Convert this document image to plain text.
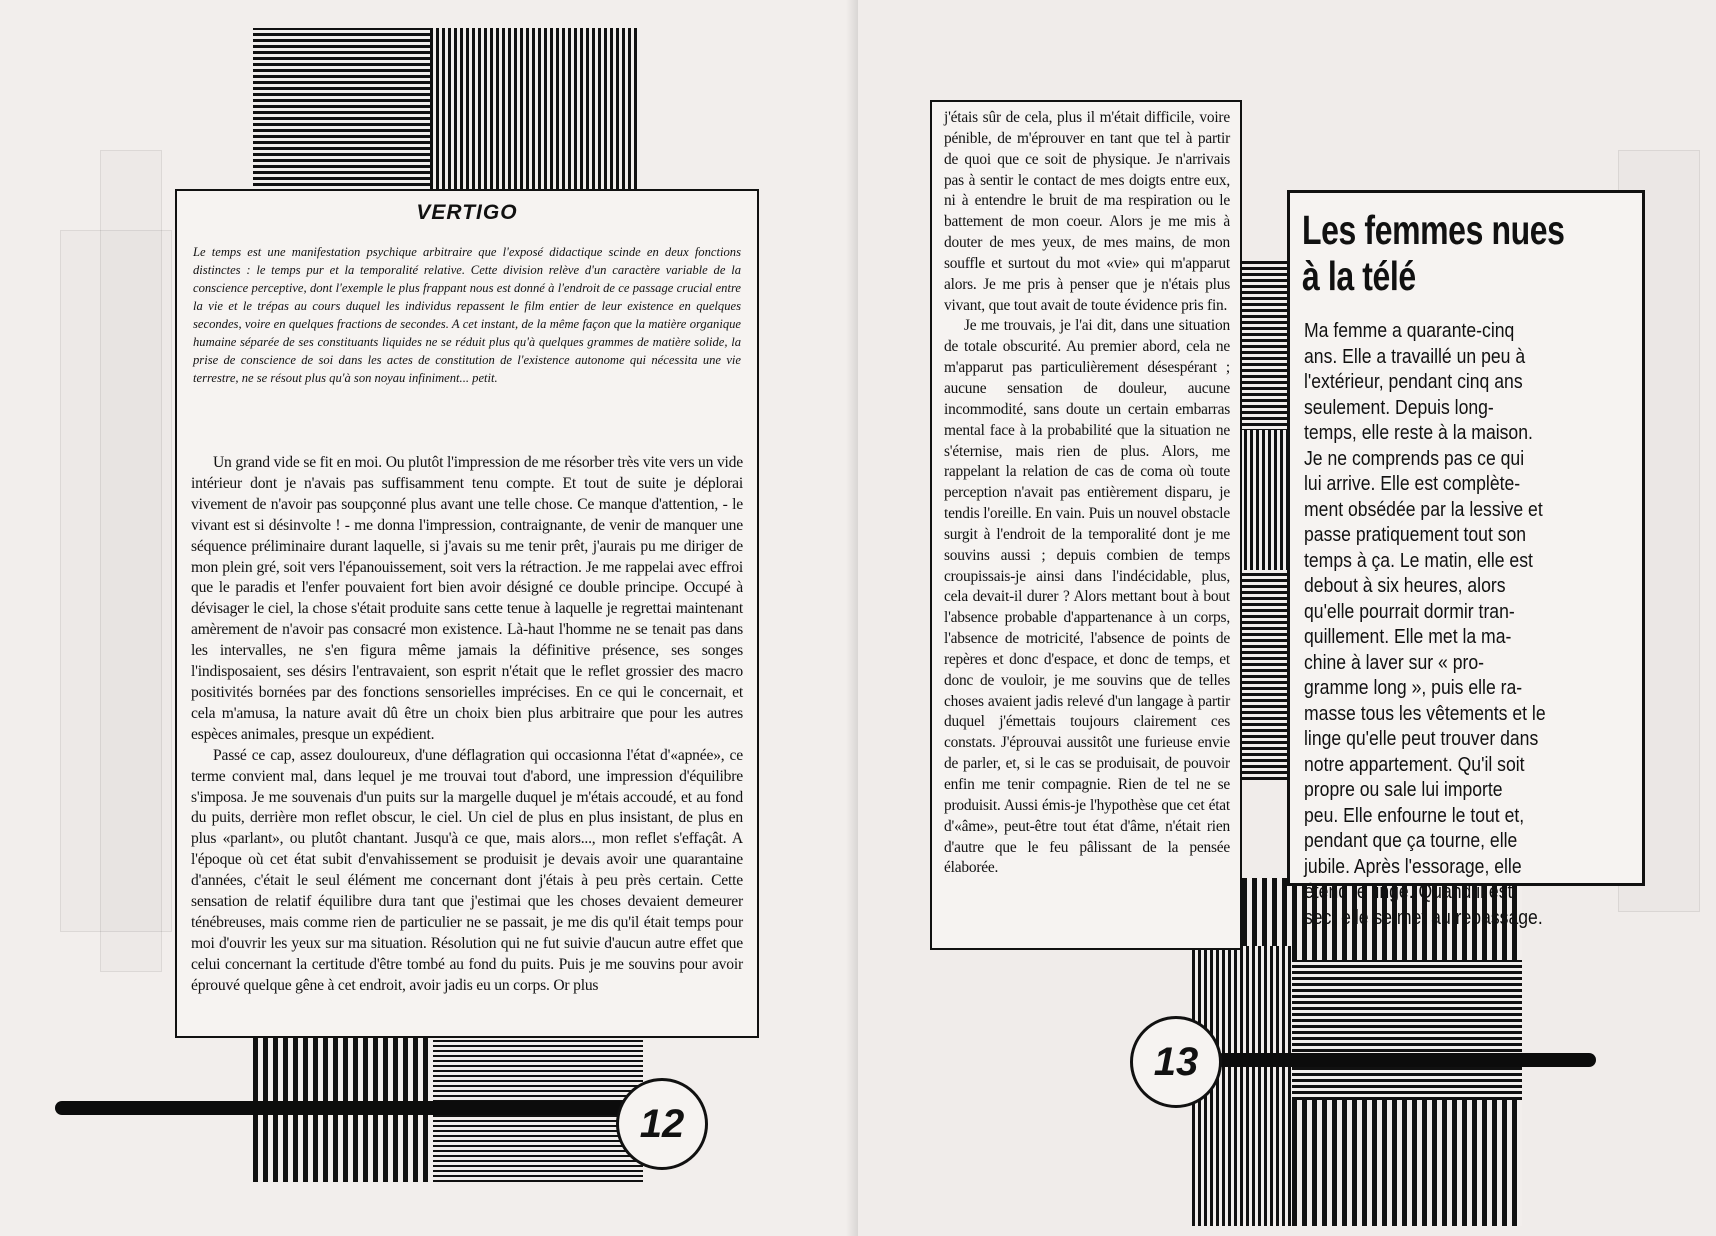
12
VERTIGO
Le temps est une manifestation psychique arbitraire que l'exposé didactique scinde en deux fonctions distinctes : le temps pur et la temporalité relative. Cette division relève d'un caractère variable de la conscience perceptive, dont l'exemple le plus frappant nous est donné à l'endroit de ce passage crucial entre la vie et le trépas au cours duquel les individus repassent le film entier de leur existence en quelques secondes, voire en quelques fractions de secondes. A cet instant, de la même façon que la matière organique humaine séparée de ses constituants liquides ne se réduit plus qu'à quelques grammes de matière solide, la prise de conscience de soi dans les actes de constitution de l'existence autonome qui nécessita une vie terrestre, ne se résout plus qu'à son noyau infiniment... petit.

Un grand vide se fit en moi. Ou plutôt l'impression de me résorber très vite vers un vide intérieur dont je n'avais pas suffisamment tenu compte. Et tout de suite je déplorai vivement de n'avoir pas soupçonné plus avant une telle chose. Ce manque d'attention, - le vivant est si désinvolte ! - me donna l'impression, contraignante, de venir de manquer une séquence préliminaire durant laquelle, si j'avais su me tenir prêt, j'aurais pu me diriger de mon plein gré, soit vers l'épanouissement, soit vers la rétraction. Je me rappelai avec effroi que le paradis et l'enfer pouvaient fort bien avoir désigné ce double principe. Occupé à dévisager le ciel, la chose s'était produite sans cette tenue à laquelle je regrettai maintenant amèrement de n'avoir pas consacré mon existence. Là-haut l'homme ne se tenait pas dans les intervalles, ne s'en figura même jamais la définitive présence, ses songes l'indisposaient, ses désirs l'entravaient, son esprit n'était que le reflet grossier des macro positivités bornées par des fonctions sensorielles imprécises. En ce qui le concernait, et cela m'amusa, la nature avait dû être un choix bien plus arbitraire que pour les autres espèces animales, presque un expédient.

Passé ce cap, assez douloureux, d'une déflagration qui occasionna l'état d'«apnée», ce terme convient mal, dans lequel je me trouvai tout d'abord, une impression d'équilibre s'imposa. Je me souvenais d'un puits sur la margelle duquel je m'étais accoudé, et au fond du puits, derrière mon reflet obscur, le ciel. Un ciel de plus en plus insistant, de plus en plus «parlant», ou plutôt chantant. Jusqu'à ce que, mais alors..., mon reflet s'effaçât. A l'époque où cet état subit d'envahissement se produisit je devais avoir une quarantaine d'années, c'était le seul élément me concernant dont j'étais à peu près certain. Cette sensation de relatif équilibre dura tant que j'estimai que les choses devaient demeurer ténébreuses, mais comme rien de particulier ne se passait, je me dis qu'il était temps pour moi d'ouvrir les yeux sur ma situation. Résolution qui ne fut suivie d'aucun autre effet que celui concernant la certitude d'être tombé au fond du puits. Puis je me souvins pour avoir éprouvé quelque gêne à cet endroit, avoir jadis eu un corps. Or plus

j'étais sûr de cela, plus il m'était difficile, voire pénible, de m'éprouver en tant que tel à partir de quoi que ce soit de physique. Je n'arrivais pas à sentir le contact de mes doigts entre eux, ni à entendre le bruit de ma respiration ou le battement de mon coeur. Alors je me mis à douter de mes yeux, de mes mains, de mon souffle et surtout du mot «vie» qui m'apparut alors. Je me pris à penser que je n'étais plus vivant, que tout avait de toute évidence pris fin.

Je me trouvais, je l'ai dit, dans une situation de totale obscurité. Au premier abord, cela ne m'apparut pas particulièrement désespérant ; aucune sensation de douleur, aucune incommodité, sans doute un certain embarras mental face à la probabilité que la situation ne s'éternise, mais rien de plus. Alors, me rappelant la relation de cas de coma où toute perception n'avait pas entièrement disparu, je tendis l'oreille. En vain. Puis un nouvel obstacle surgit à l'endroit de la temporalité dont je me souvins aussi ; depuis combien de temps croupissais-je ainsi dans l'indécidable, plus, cela devait-il durer ? Alors mettant bout à bout l'absence probable d'appartenance à un corps, l'absence de motricité, l'absence de points de repères et donc d'espace, et donc de temps, et donc de vouloir, je me souvins que de telles choses avaient jadis relevé d'un langage à partir duquel j'émettais toujours clairement ces constats. J'éprouvai aussitôt une furieuse envie de parler, et, si le cas se produisait, de pouvoir enfin me tenir compagnie. Rien de tel ne se produisit. Aussi émis-je l'hypothèse que cet état d'«âme», peut-être tout état d'âme, n'était rien d'autre que le feu pâlissant de la pensée élaborée.

13
Les femmes nues
à la télé
Ma femme a quarante-cinq
ans. Elle a travaillé un peu à
l'extérieur, pendant cinq ans
seulement. Depuis long-
temps, elle reste à la maison.
Je ne comprends pas ce qui
lui arrive. Elle est complète-
ment obsédée par la lessive et
passe pratiquement tout son
temps à ça. Le matin, elle est
debout à six heures, alors
qu'elle pourrait dormir tran-
quillement. Elle met la ma-
chine à laver sur « pro-
gramme long », puis elle ra-
masse tous les vêtements et le
linge qu'elle peut trouver dans
notre appartement. Qu'il soit
propre ou sale lui importe
peu. Elle enfourne le tout et,
pendant que ça tourne, elle
jubile. Après l'essorage, elle
étend le linge. Quand il est
sec, elle se met au repassage.
